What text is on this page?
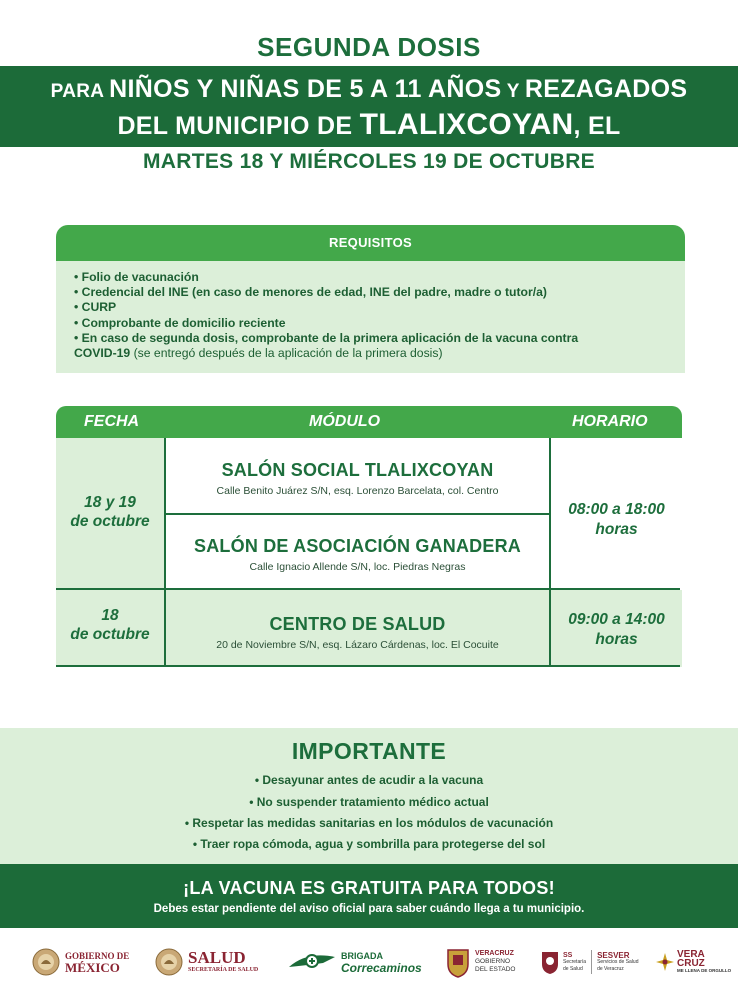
SEGUNDA DOSIS
PARA NIÑOS Y NIÑAS DE 5 A 11 AÑOS Y REZAGADOS
DEL MUNICIPIO DE TLALIXCOYAN, EL
MARTES 18 Y MIÉRCOLES 19 DE OCTUBRE
REQUISITOS
• Folio de vacunación
• Credencial del INE (en caso de menores de edad, INE del padre, madre o tutor/a)
• CURP
• Comprobante de domicilio reciente
• En caso de segunda dosis, comprobante de la primera aplicación de la vacuna contra
COVID-19 (se entregó después de la aplicación de la primera dosis)
FECHA	MÓDULO	HORARIO
18 y 19
de octubre
SALÓN SOCIAL TLALIXCOYAN
Calle Benito Juárez S/N, esq. Lorenzo Barcelata, col. Centro
SALÓN DE ASOCIACIÓN GANADERA
Calle Ignacio Allende S/N, loc. Piedras Negras
08:00 a 18:00
horas
18
de octubre
CENTRO DE SALUD
20 de Noviembre S/N, esq. Lázaro Cárdenas, loc. El Cocuite
09:00 a 14:00
horas
IMPORTANTE
• Desayunar antes de acudir a la vacuna
• No suspender tratamiento médico actual
• Respetar las medidas sanitarias en los módulos de vacunación
• Traer ropa cómoda, agua y sombrilla para protegerse del sol
¡LA VACUNA ES GRATUITA PARA TODOS!
Debes estar pendiente del aviso oficial para saber cuándo llega a tu municipio.
GOBIERNO DE
MÉXICO
SALUD
SECRETARÍA DE SALUD
BRIGADA
Correcaminos
VERACRUZ
GOBIERNO
DEL ESTADO
SS
Secretaría
de Salud
SESVER
Servicios de Salud
de Veracruz
VERA
CRUZ
ME LLENA DE ORGULLO
